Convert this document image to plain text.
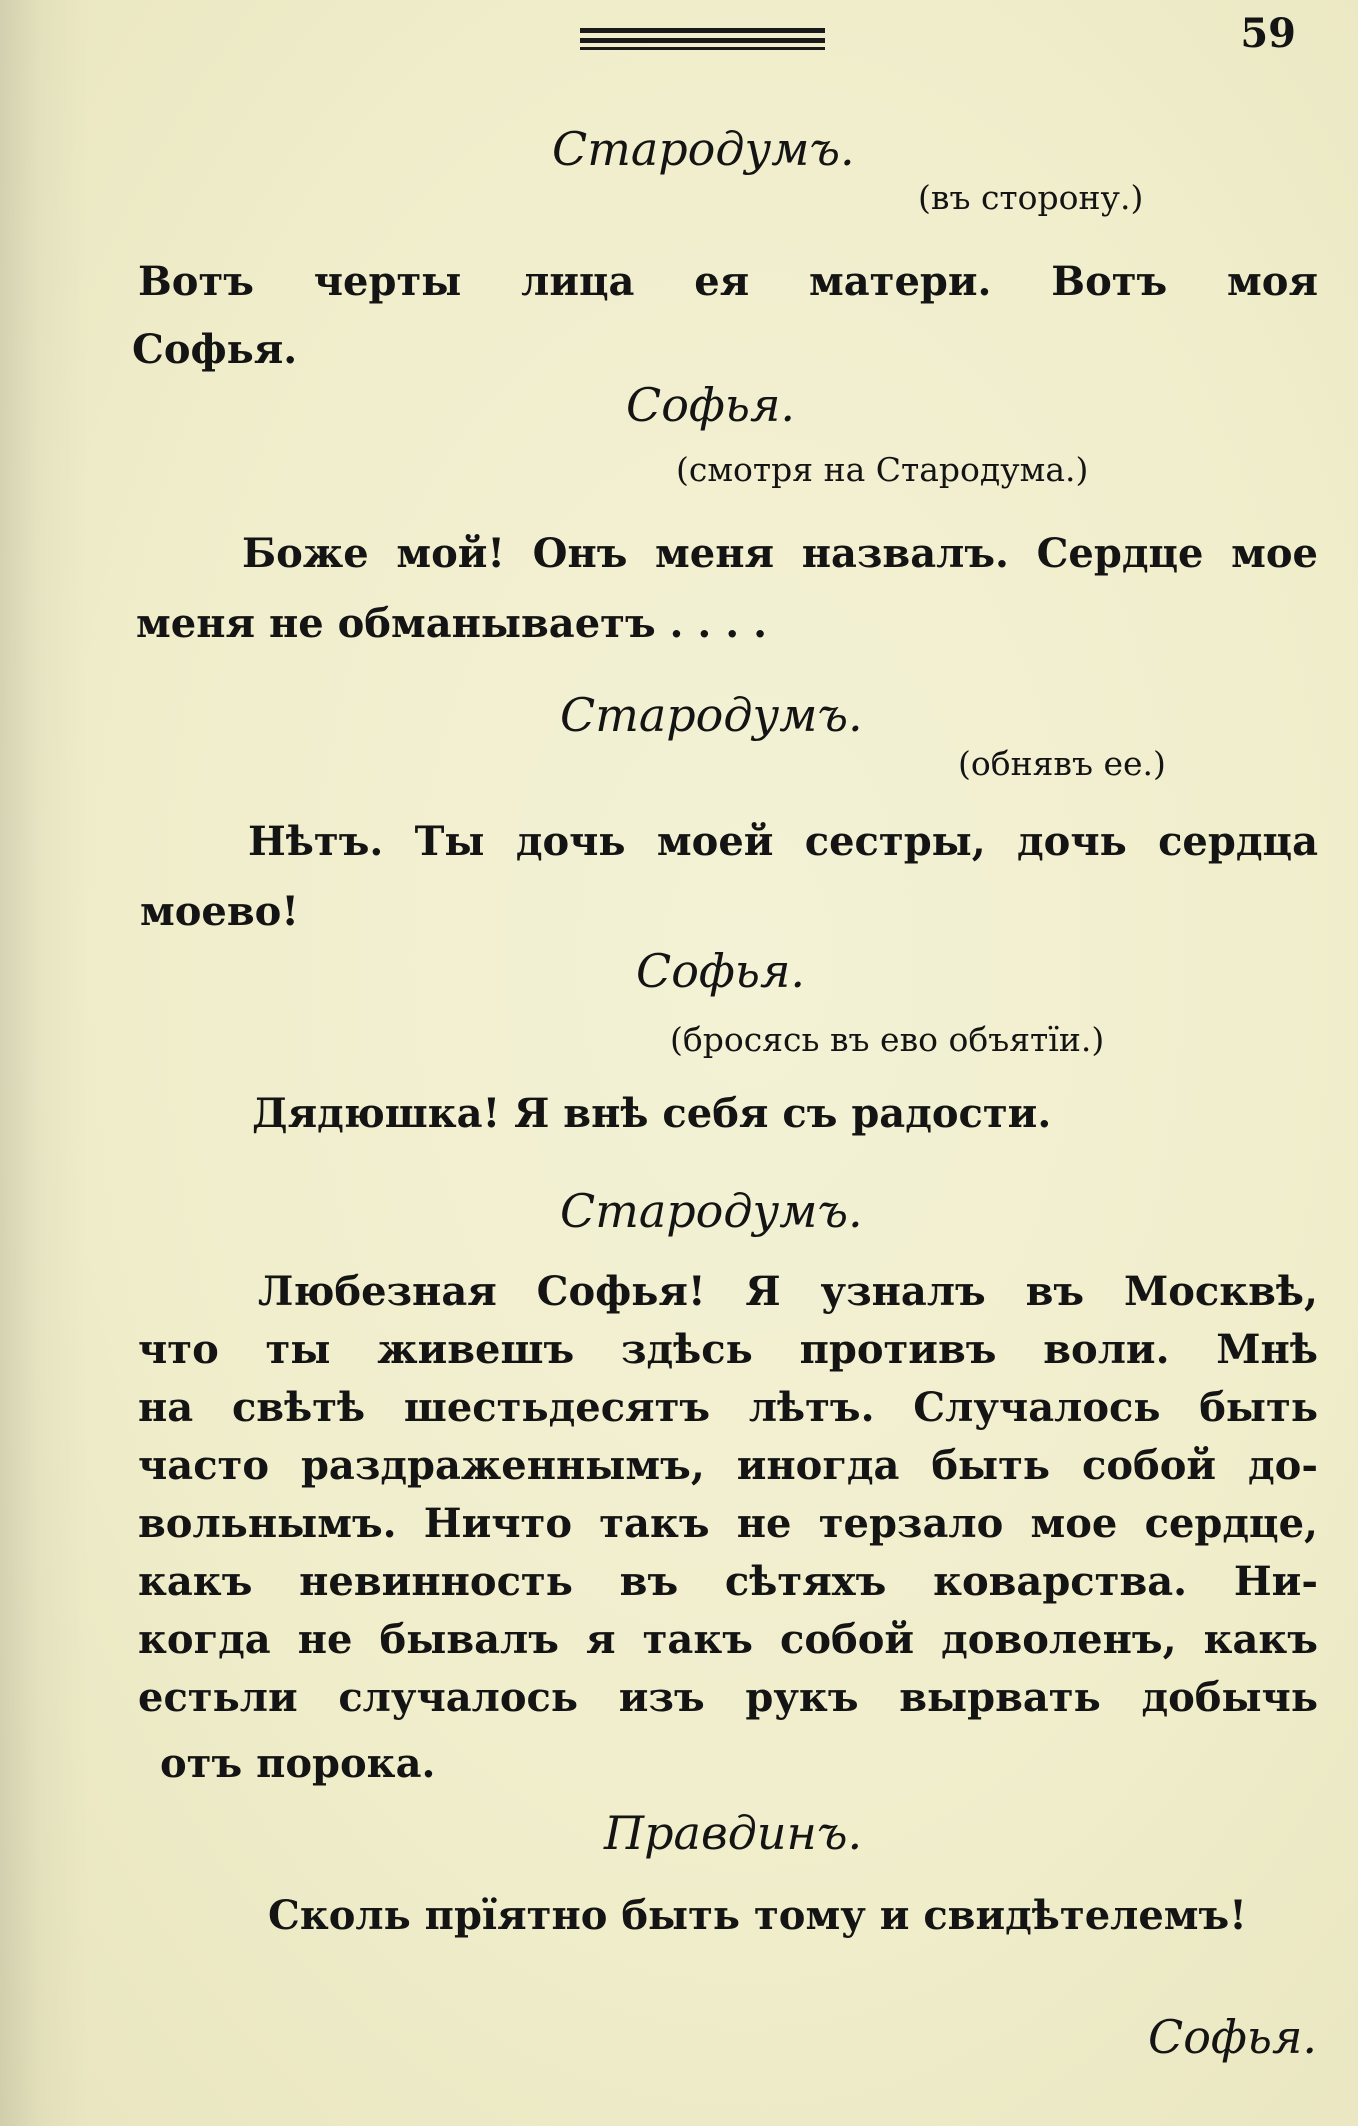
59
Стародумъ.
(въ сторону.)
Вотъ черты лица ея матери. Вотъ моя
Софья.
Софья.
(смотря на Стародума.)
Боже мой! Онъ меня назвалъ. Сердце мое
меня не обманываетъ . . . .
Стародумъ.
(обнявъ ее.)
Нѣтъ. Ты дочь моей сестры, дочь сердца
моево!
Софья.
(бросясь въ ево объятїи.)
Дядюшка! Я внѣ себя съ радости.
Стародумъ.
Любезная Софья! Я узналъ въ Москвѣ,
что ты живешъ здѣсь противъ воли. Мнѣ
на свѣтѣ шестьдесятъ лѣтъ. Случалось быть
часто раздраженнымъ, иногда быть собой до-
вольнымъ. Ничто такъ не терзало мое сердце,
какъ невинность въ сѣтяхъ коварства. Ни-
когда не бывалъ я такъ собой доволенъ, какъ
естьли случалось изъ рукъ вырвать добычь
отъ порока.
Правдинъ.
Сколь прїятно быть тому и свидѣтелемъ!
Софья.
